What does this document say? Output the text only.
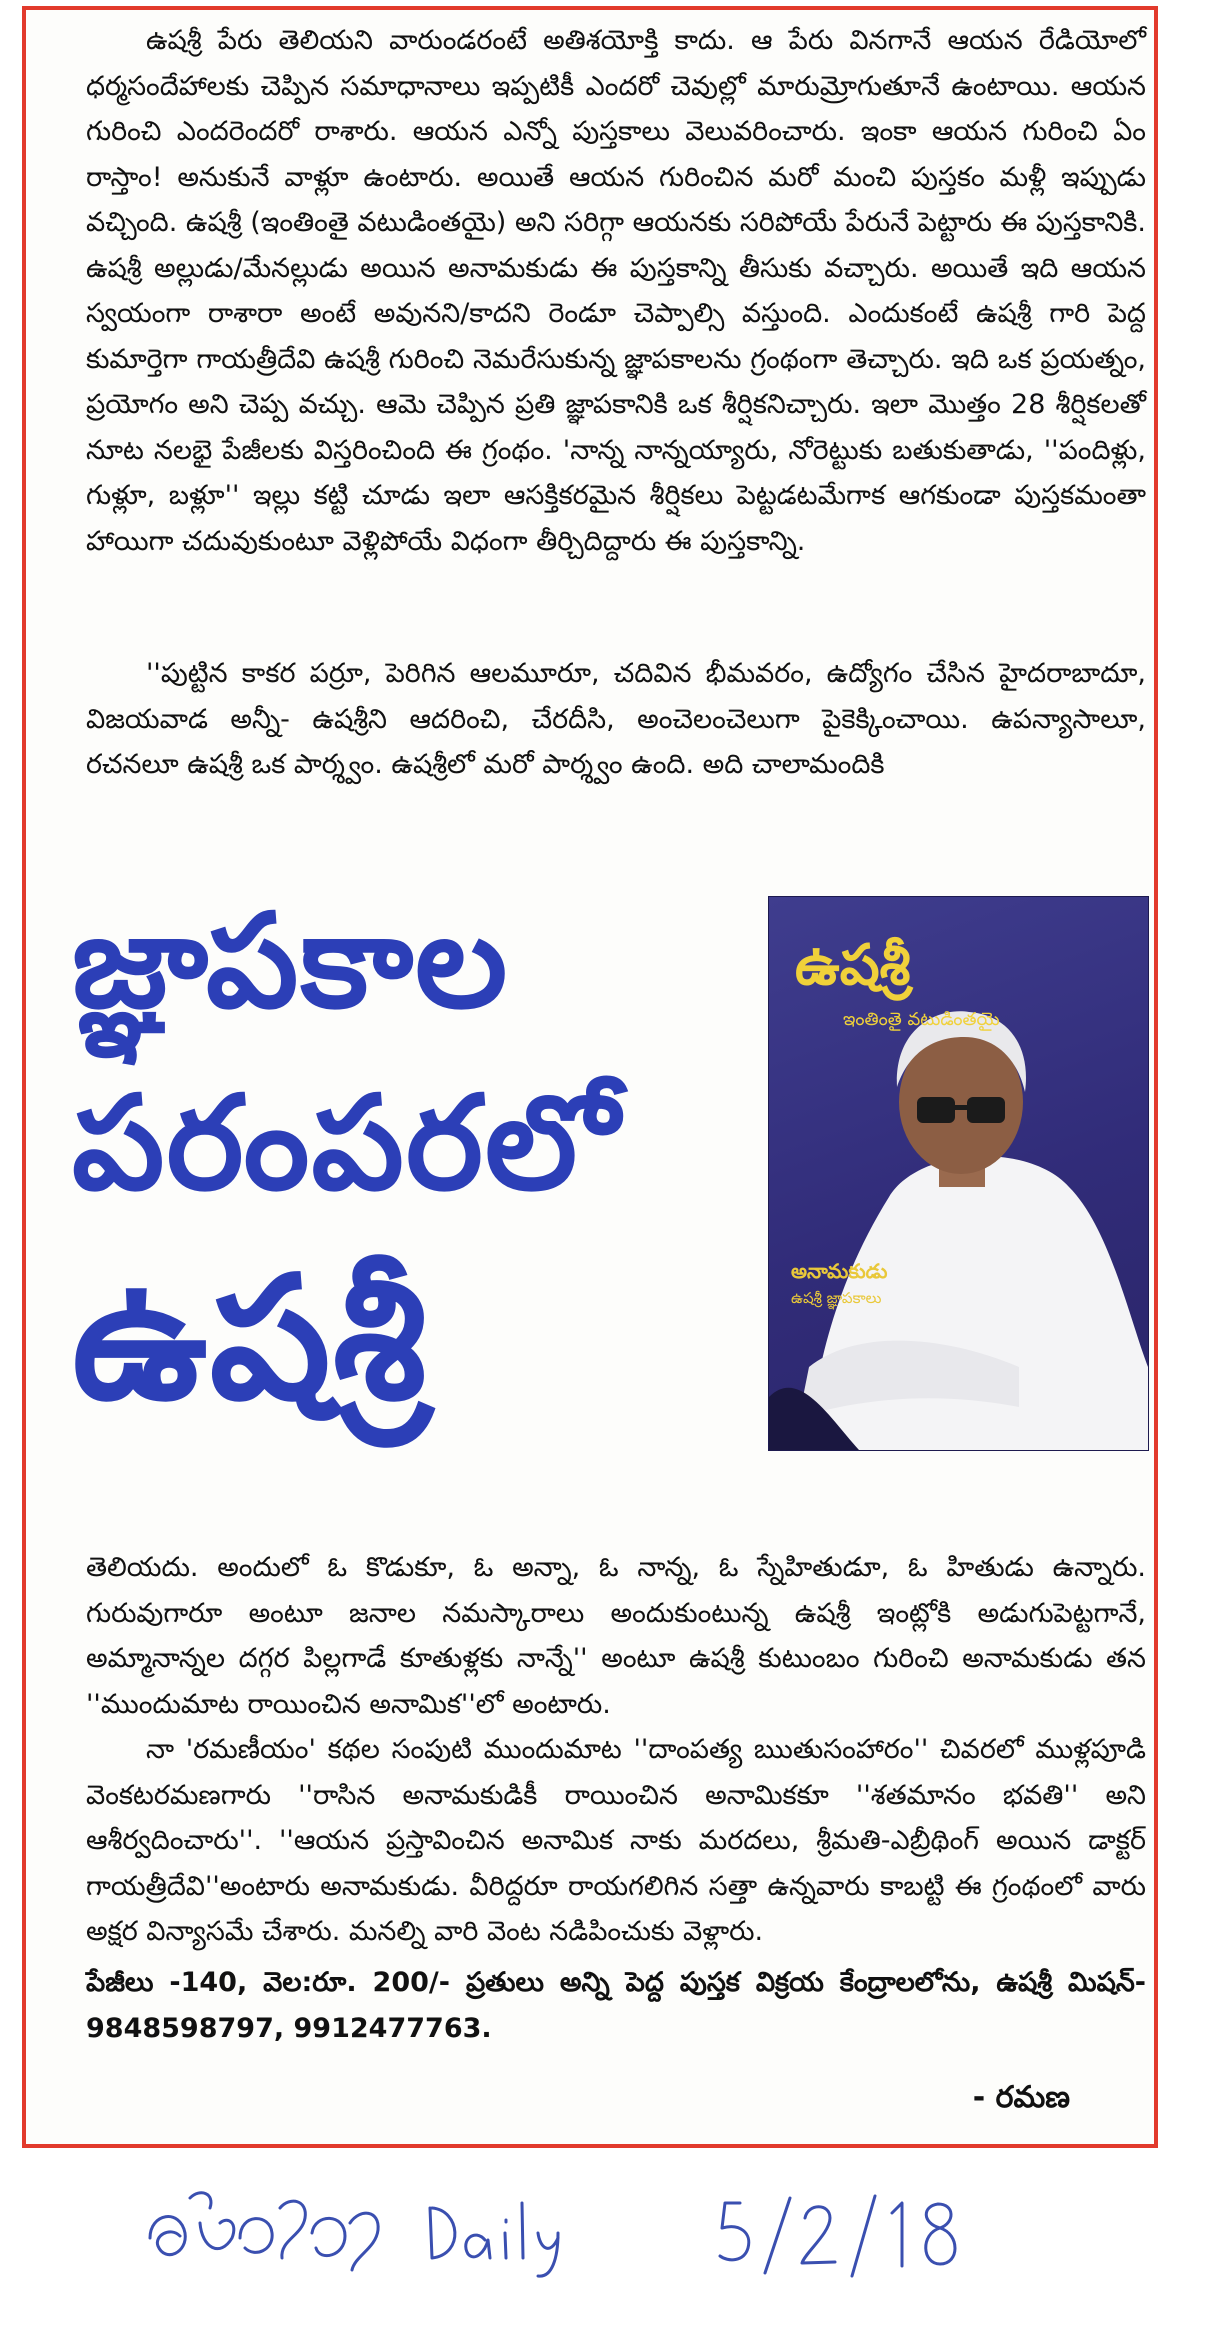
ఉషశ్రీ పేరు తెలియని వారుండరంటే అతిశయోక్తి కాదు. ఆ పేరు వినగానే ఆయన రేడియోలో ధర్మసందేహాలకు చెప్పిన సమాధానాలు ఇప్పటికీ ఎందరో చెవుల్లో మారుమ్రోగుతూనే ఉంటాయి. ఆయన గురించి ఎందరెందరో రాశారు. ఆయన ఎన్నో పుస్తకాలు వెలువరించారు. ఇంకా ఆయన గురించి ఏం రాస్తాం! అనుకునే వాళ్లూ ఉంటారు. అయితే ఆయన గురించిన మరో మంచి పుస్తకం మళ్లీ ఇప్పుడు వచ్చింది. ఉషశ్రీ (ఇంతింతై వటుడింతయై) అని సరిగ్గా ఆయనకు సరిపోయే పేరునే పెట్టారు ఈ పుస్తకానికి. ఉషశ్రీ అల్లుడు/మేనల్లుడు అయిన అనామకుడు ఈ పుస్తకాన్ని తీసుకు వచ్చారు. అయితే ఇది ఆయన స్వయంగా రాశారా అంటే అవునని/కాదని రెండూ చెప్పాల్సి వస్తుంది. ఎందుకంటే ఉషశ్రీ గారి పెద్ద కుమార్తెగా గాయత్రీదేవి ఉషశ్రీ గురించి నెమరేసుకున్న జ్ఞాపకాలను గ్రంథంగా తెచ్చారు. ఇది ఒక ప్రయత్నం, ప్రయోగం అని చెప్ప వచ్చు. ఆమె చెప్పిన ప్రతి జ్ఞాపకానికి ఒక శీర్షికనిచ్చారు. ఇలా మొత్తం 28 శీర్షికలతో నూట నలభై పేజీలకు విస్తరించింది ఈ గ్రంథం. 'నాన్న నాన్నయ్యారు, నోరెట్టుకు బతుకుతాడు, ''పందిళ్లు, గుళ్లూ, బళ్లూ'' ఇల్లు కట్టి చూడు ఇలా ఆసక్తికరమైన శీర్షికలు పెట్టడటమేగాక ఆగకుండా పుస్తకమంతా హాయిగా చదువుకుంటూ వెళ్లిపోయే విధంగా తీర్చిదిద్దారు ఈ పుస్తకాన్ని.

''పుట్టిన కాకర పర్రూ, పెరిగిన ఆలమూరూ, చదివిన భీమవరం, ఉద్యోగం చేసిన హైదరాబాదూ, విజయవాడ అన్నీ- ఉషశ్రీని ఆదరించి, చేరదీసి, అంచెలంచెలుగా పైకెక్కించాయి. ఉపన్యాసాలూ, రచనలూ ఉషశ్రీ ఒక పార్శ్వం. ఉషశ్రీలో మరో పార్శ్వం ఉంది. అది చాలామందికి

జ్ఞాపకాల
పరంపరలో
ఉషశ్రీ
ఉషశ్రీ
ఇంతింతై వటుడింతయై
అనామకుడు
ఉషశ్రీ జ్ఞాపకాలు

తెలియదు. అందులో ఓ కొడుకూ, ఓ అన్నా, ఓ నాన్న, ఓ స్నేహితుడూ, ఓ హితుడు ఉన్నారు. గురువుగారూ అంటూ జనాల నమస్కారాలు అందుకుంటున్న ఉషశ్రీ ఇంట్లోకి అడుగుపెట్టగానే, అమ్మానాన్నల దగ్గర పిల్లగాడే కూతుళ్లకు నాన్నే'' అంటూ ఉషశ్రీ కుటుంబం గురించి అనామకుడు తన ''ముందుమాట రాయించిన అనామిక''లో అంటారు.

నా 'రమణీయం' కథల సంపుటి ముందుమాట ''దాంపత్య ఋతుసంహారం'' చివరలో ముళ్లపూడి వెంకటరమణగారు ''రాసిన అనామకుడికీ రాయించిన అనామికకూ ''శతమానం భవతి'' అని ఆశీర్వదించారు''. ''ఆయన ప్రస్తావించిన అనామిక నాకు మరదలు, శ్రీమతి-ఎబ్రీథింగ్ అయిన డాక్టర్ గాయత్రీదేవి''అంటారు అనామకుడు. వీరిద్దరూ రాయగలిగిన సత్తా ఉన్నవారు కాబట్టి ఈ గ్రంథంలో వారు అక్షర విన్యాసమే చేశారు. మనల్ని వారి వెంట నడిపించుకు వెళ్లారు.

పేజీలు -140, వెల:రూ. 200/- ప్రతులు అన్ని పెద్ద పుస్తక విక్రయ కేంద్రాలలోను, ఉషశ్రీ మిషన్- 9848598797, 9912477763.

- రమణ
